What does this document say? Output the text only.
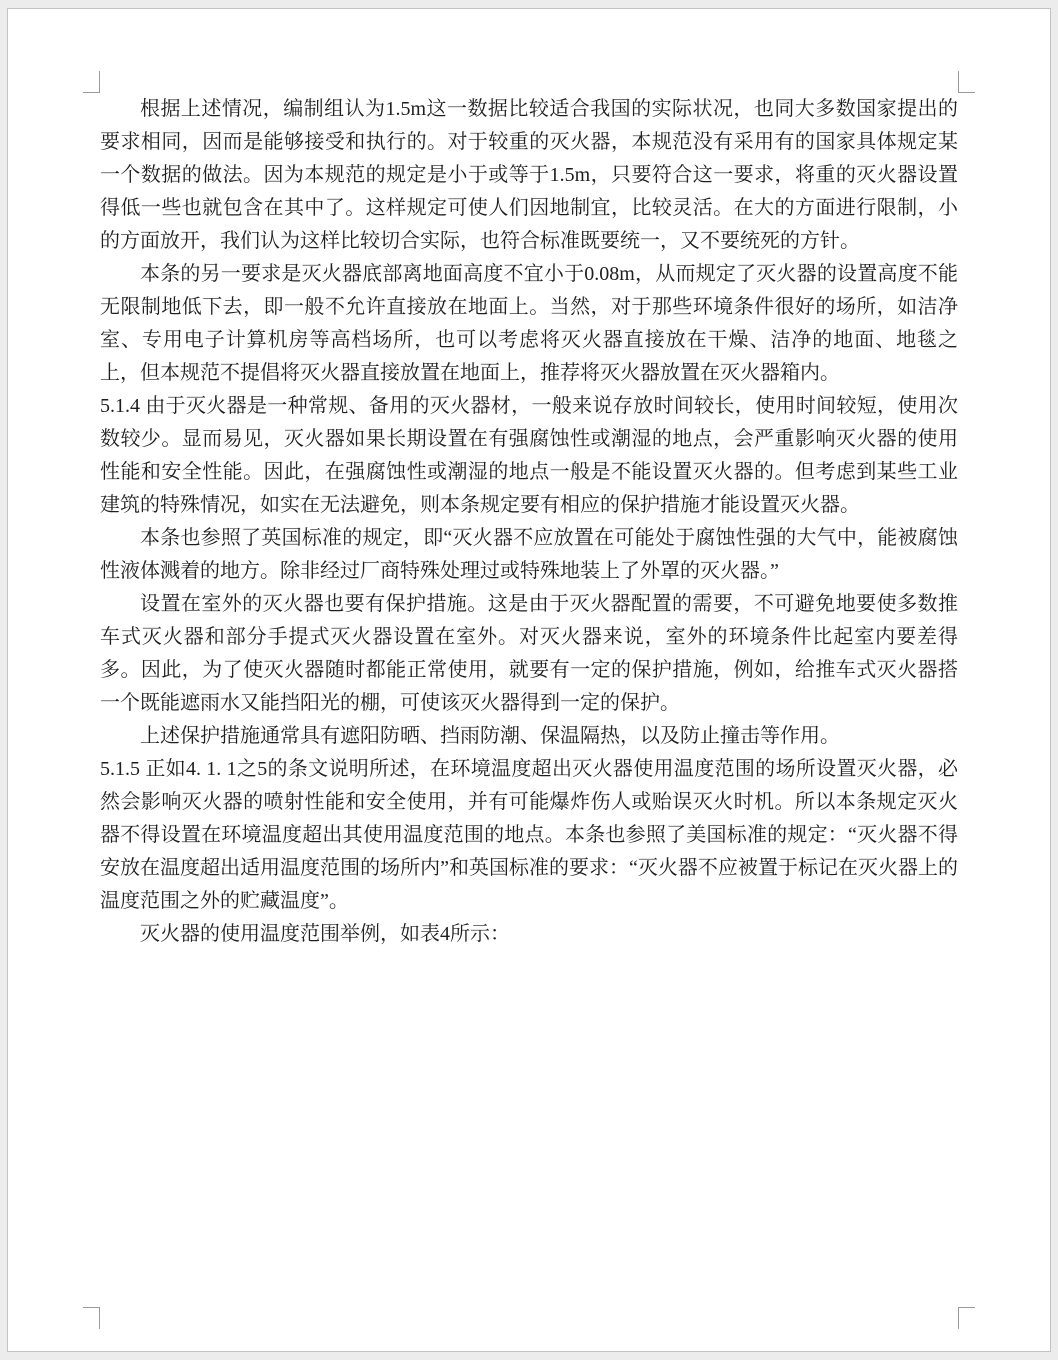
根据上述情况，编制组认为1.5m这一数据比较适合我国的实际状况，也同大多数国家提出的要求相同，因而是能够接受和执行的。对于较重的灭火器，本规范没有采用有的国家具体规定某一个数据的做法。因为本规范的规定是小于或等于1.5m，只要符合这一要求，将重的灭火器设置得低一些也就包含在其中了。这样规定可使人们因地制宜，比较灵活。在大的方面进行限制，小的方面放开，我们认为这样比较切合实际，也符合标准既要统一，又不要统死的方针。

本条的另一要求是灭火器底部离地面高度不宜小于0.08m，从而规定了灭火器的设置高度不能无限制地低下去，即一般不允许直接放在地面上。当然，对于那些环境条件很好的场所，如洁净室、专用电子计算机房等高档场所，也可以考虑将灭火器直接放在干燥、洁净的地面、地毯之上，但本规范不提倡将灭火器直接放置在地面上，推荐将灭火器放置在灭火器箱内。

5.1.4 由于灭火器是一种常规、备用的灭火器材，一般来说存放时间较长，使用时间较短，使用次数较少。显而易见，灭火器如果长期设置在有强腐蚀性或潮湿的地点，会严重影响灭火器的使用性能和安全性能。因此，在强腐蚀性或潮湿的地点一般是不能设置灭火器的。但考虑到某些工业建筑的特殊情况，如实在无法避免，则本条规定要有相应的保护措施才能设置灭火器。

本条也参照了英国标准的规定，即“灭火器不应放置在可能处于腐蚀性强的大气中，能被腐蚀性液体溅着的地方。除非经过厂商特殊处理过或特殊地装上了外罩的灭火器。”

设置在室外的灭火器也要有保护措施。这是由于灭火器配置的需要，不可避免地要使多数推车式灭火器和部分手提式灭火器设置在室外。对灭火器来说，室外的环境条件比起室内要差得多。因此，为了使灭火器随时都能正常使用，就要有一定的保护措施，例如，给推车式灭火器搭一个既能遮雨水又能挡阳光的棚，可使该灭火器得到一定的保护。

上述保护措施通常具有遮阳防晒、挡雨防潮、保温隔热，以及防止撞击等作用。

5.1.5 正如4. 1. 1之5的条文说明所述，在环境温度超出灭火器使用温度范围的场所设置灭火器，必然会影响灭火器的喷射性能和安全使用，并有可能爆炸伤人或贻误灭火时机。所以本条规定灭火器不得设置在环境温度超出其使用温度范围的地点。本条也参照了美国标准的规定：“灭火器不得安放在温度超出适用温度范围的场所内”和英国标准的要求：“灭火器不应被置于标记在灭火器上的温度范围之外的贮藏温度”。

灭火器的使用温度范围举例，如表4所示：
